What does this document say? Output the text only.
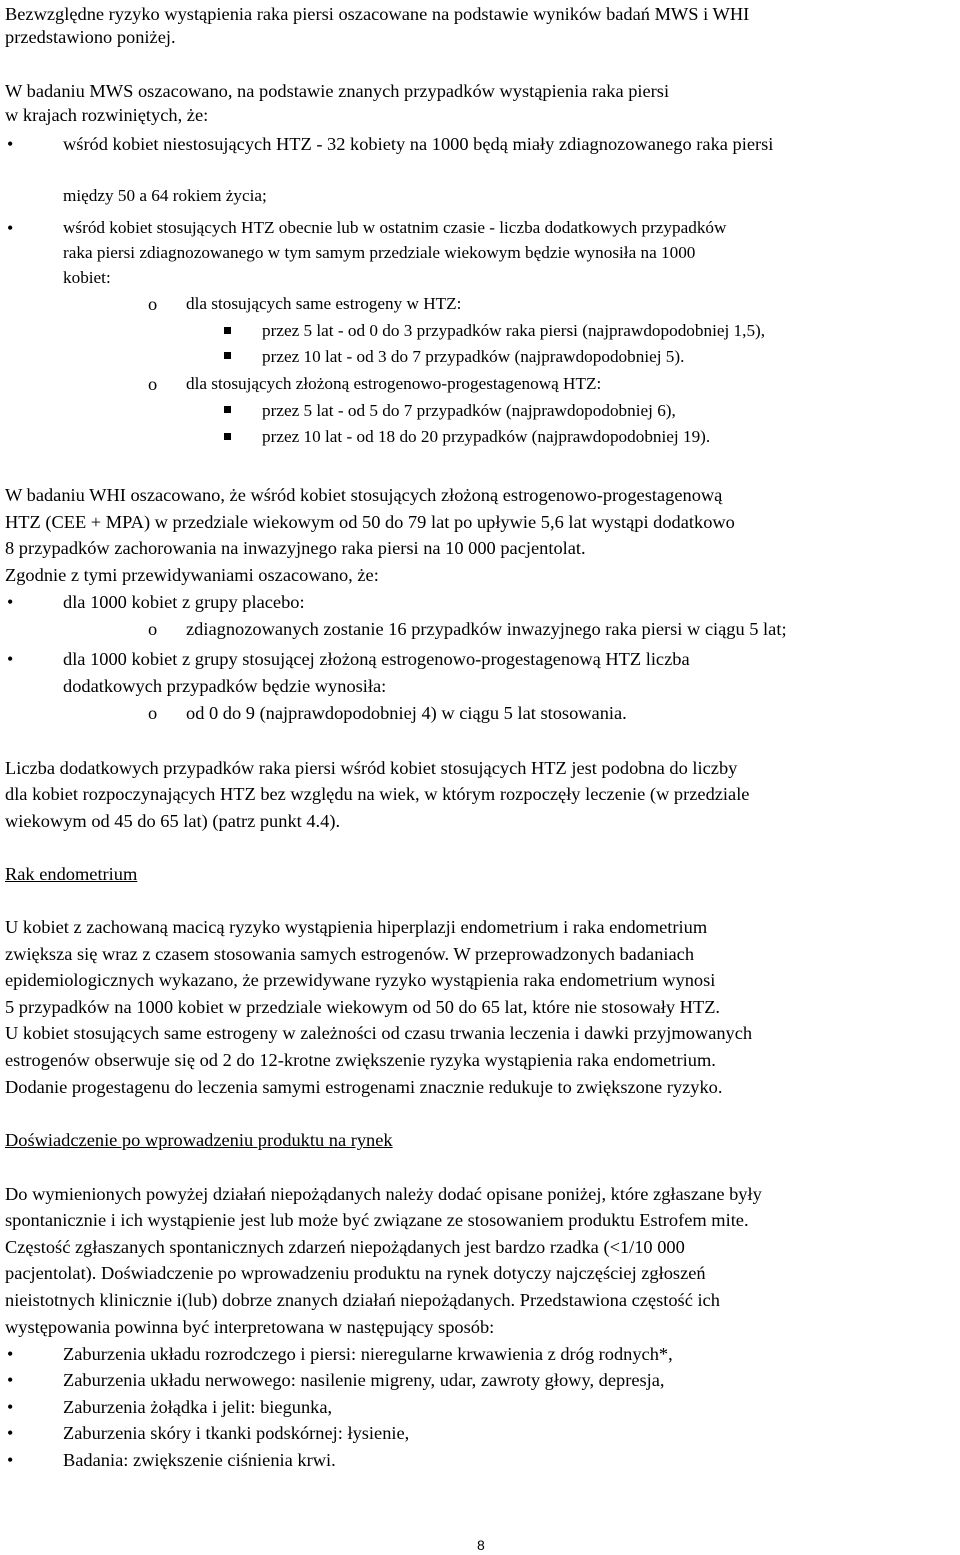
Bezwzględne ryzyko wystąpienia raka piersi oszacowane na podstawie wyników badań MWS i WHI
przedstawiono poniżej.
W badaniu MWS oszacowano, na podstawie znanych przypadków wystąpienia raka piersi
w krajach rozwiniętych, że:
•	wśród kobiet niestosujących HTZ - 32 kobiety na 1000 będą miały zdiagnozowanego raka piersi
między 50 a 64 rokiem życia;
•	wśród kobiet stosujących HTZ obecnie lub w ostatnim czasie - liczba dodatkowych przypadków
raka piersi zdiagnozowanego w tym samym przedziale wiekowym będzie wynosiła na 1000
kobiet:
o dla stosujących same estrogeny w HTZ:
przez 5 lat - od 0 do 3 przypadków raka piersi (najprawdopodobniej 1,5),
przez 10 lat - od 3 do 7 przypadków (najprawdopodobniej 5).
o dla stosujących złożoną estrogenowo-progestagenową HTZ:
przez 5 lat - od 5 do 7 przypadków (najprawdopodobniej 6),
przez 10 lat - od 18 do 20 przypadków (najprawdopodobniej 19).
W badaniu WHI oszacowano, że wśród kobiet stosujących złożoną estrogenowo-progestagenową
HTZ (CEE + MPA) w przedziale wiekowym od 50 do 79 lat po upływie 5,6 lat wystąpi dodatkowo
8 przypadków zachorowania na inwazyjnego raka piersi na 10 000 pacjentolat.
Zgodnie z tymi przewidywaniami oszacowano, że:
•	dla 1000 kobiet z grupy placebo:
o zdiagnozowanych zostanie 16 przypadków inwazyjnego raka piersi w ciągu 5 lat;
•	dla 1000 kobiet z grupy stosującej złożoną estrogenowo-progestagenową HTZ liczba
dodatkowych przypadków będzie wynosiła:
o od 0 do 9 (najprawdopodobniej 4) w ciągu 5 lat stosowania.
Liczba dodatkowych przypadków raka piersi wśród kobiet stosujących HTZ jest podobna do liczby
dla kobiet rozpoczynających HTZ bez względu na wiek, w którym rozpoczęły leczenie (w przedziale
wiekowym od 45 do 65 lat) (patrz punkt 4.4).
Rak endometrium
U kobiet z zachowaną macicą ryzyko wystąpienia hiperplazji endometrium i raka endometrium
zwiększa się wraz z czasem stosowania samych estrogenów. W przeprowadzonych badaniach
epidemiologicznych wykazano, że przewidywane ryzyko wystąpienia raka endometrium wynosi
5 przypadków na 1000 kobiet w przedziale wiekowym od 50 do 65 lat, które nie stosowały HTZ.
U kobiet stosujących same estrogeny w zależności od czasu trwania leczenia i dawki przyjmowanych
estrogenów obserwuje się od 2 do 12-krotne zwiększenie ryzyka wystąpienia raka endometrium.
Dodanie progestagenu do leczenia samymi estrogenami znacznie redukuje to zwiększone ryzyko.
Doświadczenie po wprowadzeniu produktu na rynek
Do wymienionych powyżej działań niepożądanych należy dodać opisane poniżej, które zgłaszane były
spontanicznie i ich wystąpienie jest lub może być związane ze stosowaniem produktu Estrofem mite.
Częstość zgłaszanych spontanicznych zdarzeń niepożądanych jest bardzo rzadka (<1/10 000
pacjentolat). Doświadczenie po wprowadzeniu produktu na rynek dotyczy najczęściej zgłoszeń
nieistotnych klinicznie i(lub) dobrze znanych działań niepożądanych. Przedstawiona częstość ich
występowania powinna być interpretowana w następujący sposób:
•	Zaburzenia układu rozrodczego i piersi: nieregularne krwawienia z dróg rodnych*,
•	Zaburzenia układu nerwowego: nasilenie migreny, udar, zawroty głowy, depresja,
•	Zaburzenia żołądka i jelit: biegunka,
•	Zaburzenia skóry i tkanki podskórnej: łysienie,
•	Badania: zwiększenie ciśnienia krwi.
8
